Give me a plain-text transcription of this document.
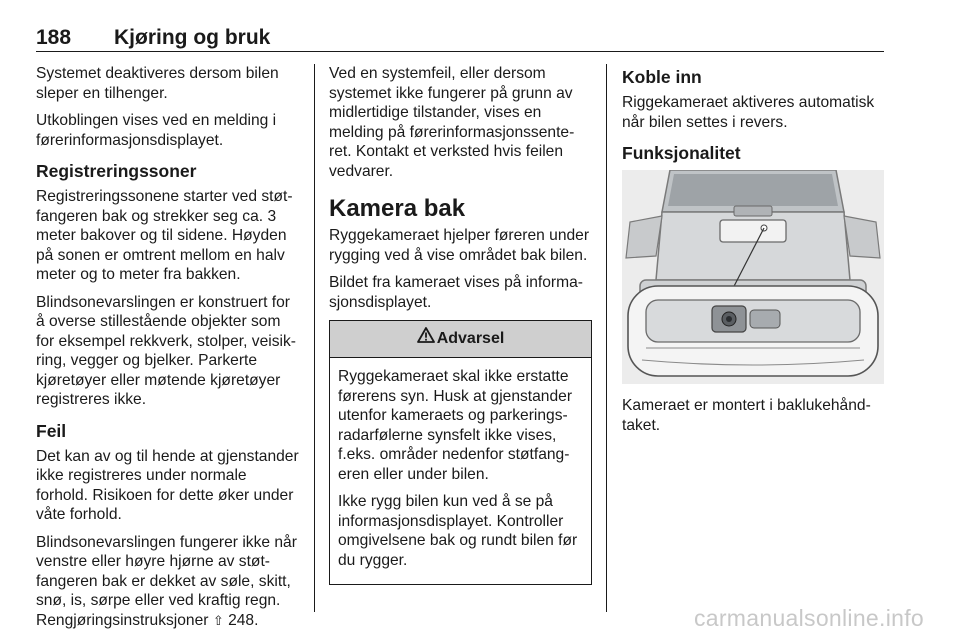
188 Kjøring og bruk

Systemet deaktiveres dersom bilen sleper en tilhenger.

Utkoblingen vises ved en melding i førerinformasjonsdisplayet.

Registreringssoner

Registreringssonene starter ved støt-fangeren bak og strekker seg ca. 3 meter bakover og til sidene. Høyden på sonen er omtrent mellom en halv meter og to meter fra bakken.

Blindsonevarslingen er konstruert for å overse stillestående objekter som for eksempel rekkverk, stolper, veisik-ring, vegger og bjelker. Parkerte kjøretøyer eller møtende kjøretøyer registreres ikke.

Feil

Det kan av og til hende at gjenstander ikke registreres under normale forhold. Risikoen for dette øker under våte forhold.

Blindsonevarslingen fungerer ikke når venstre eller høyre hjørne av støt-fangeren bak er dekket av søle, skitt, snø, is, sørpe eller ved kraftig regn. Rengjøringsinstruksjoner ⇧ 248.

Ved en systemfeil, eller dersom systemet ikke fungerer på grunn av midlertidige tilstander, vises en melding på førerinformasjonssente-ret. Kontakt et verksted hvis feilen vedvarer.

Kamera bak

Ryggekameraet hjelper føreren under rygging ved å vise området bak bilen.

Bildet fra kameraet vises på informa-sjonsdisplayet.

Advarsel

Ryggekameraet skal ikke erstatte førerens syn. Husk at gjenstander utenfor kameraets og parkerings-radarfølerne synsfelt ikke vises, f.eks. områder nedenfor støtfang-eren eller under bilen.

Ikke rygg bilen kun ved å se på informasjonsdisplayet. Kontroller omgivelsene bak og rundt bilen før du rygger.

Koble inn

Riggekameraet aktiveres automatisk når bilen settes i revers.

Funksjonalitet

Kameraet er montert i baklukehånd-taket.

carmanualsonline.info
